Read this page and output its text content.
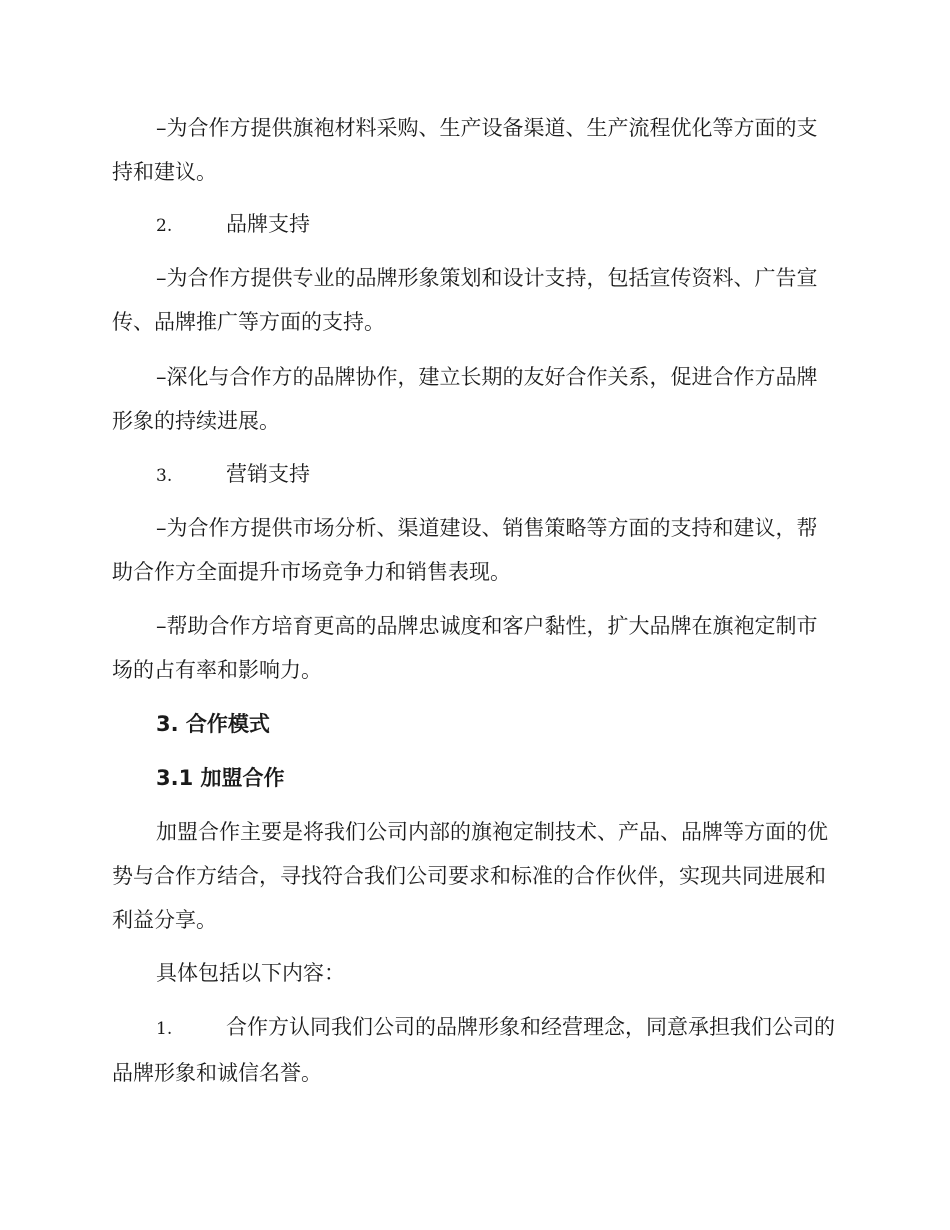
–为合作方提供旗袍材料采购、生产设备渠道、生产流程优化等方面的支持和建议。

2.	品牌支持

–为合作方提供专业的品牌形象策划和设计支持，包括宣传资料、广告宣传、品牌推广等方面的支持。

–深化与合作方的品牌协作，建立长期的友好合作关系，促进合作方品牌形象的持续进展。

3.	营销支持

–为合作方提供市场分析、渠道建设、销售策略等方面的支持和建议，帮助合作方全面提升市场竞争力和销售表现。

–帮助合作方培育更高的品牌忠诚度和客户黏性，扩大品牌在旗袍定制市场的占有率和影响力。

3. 合作模式
3.1 加盟合作

加盟合作主要是将我们公司内部的旗袍定制技术、产品、品牌等方面的优势与合作方结合，寻找符合我们公司要求和标准的合作伙伴，实现共同进展和利益分享。

具体包括以下内容：

1.	合作方认同我们公司的品牌形象和经营理念，同意承担我们公司的品牌形象和诚信名誉。
